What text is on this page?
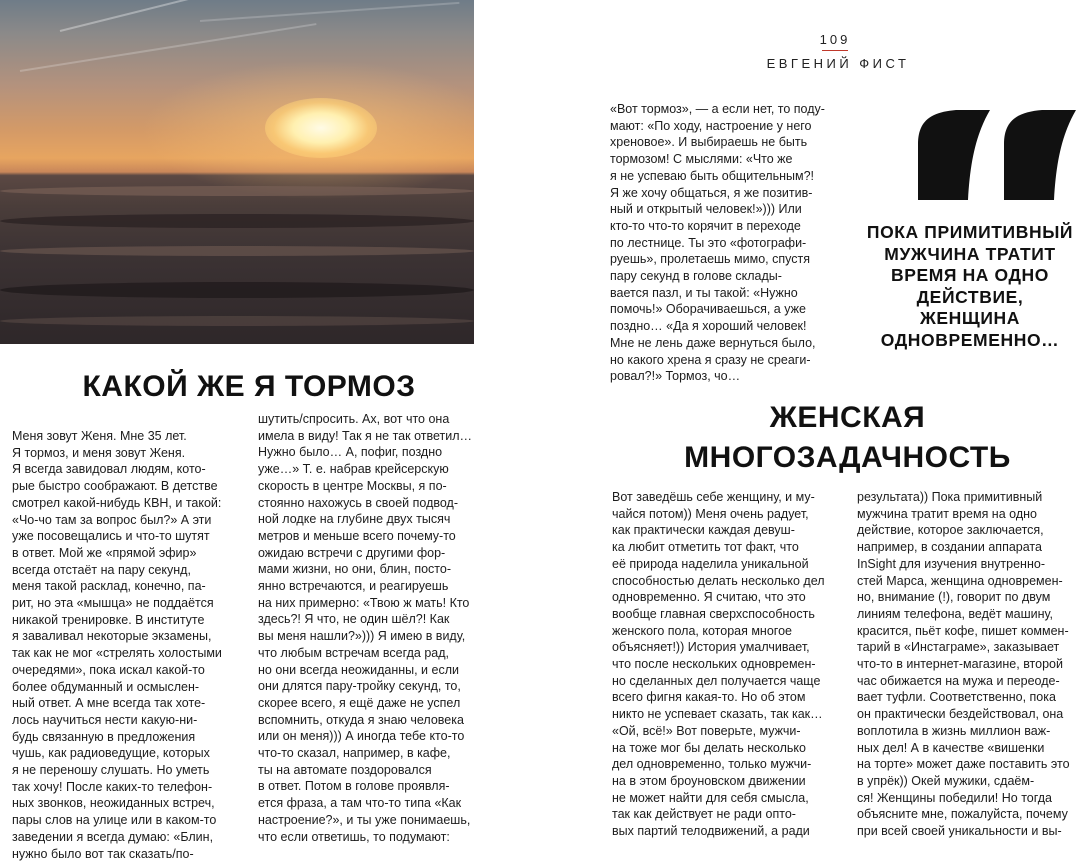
109
ЕВГЕНИЙ ФИСТ

«Вот тормоз», — а если нет, то поду-
мают: «По ходу, настроение у него
хреновое». И выбираешь не быть
тормозом! С мыслями: «Что же
я не успеваю быть общительным?!
Я же хочу общаться, я же позитив-
ный и открытый человек!»))) Или
кто-то что-то корячит в переходе
по лестнице. Ты это «фотографи-
руешь», пролетаешь мимо, спустя
пару секунд в голове склады-
вается пазл, и ты такой: «Нужно
помочь!» Оборачиваешься, а уже
поздно… «Да я хороший человек!
Мне не лень даже вернуться было,
но какого хрена я сразу не среаги-
ровал?!» Тормоз, чо…

ПОКА ПРИМИТИВНЫЙ
МУЖЧИНА ТРАТИТ
ВРЕМЯ НА ОДНО
ДЕЙСТВИЕ,
ЖЕНЩИНА
ОДНОВРЕМЕННО…

КАКОЙ ЖЕ Я ТОРМОЗ

Меня зовут Женя. Мне 35 лет.
Я тормоз, и меня зовут Женя.
Я всегда завидовал людям, кото-
рые быстро соображают. В детстве
смотрел какой-нибудь КВН, и такой:
«Чо-чо там за вопрос был?» А эти
уже посовещались и что-то шутят
в ответ. Мой же «прямой эфир»
всегда отстаёт на пару секунд,
меня такой расклад, конечно, па-
рит, но эта «мышца» не поддаётся
никакой тренировке. В институте
я заваливал некоторые экзамены,
так как не мог «стрелять холостыми
очередями», пока искал какой-то
более обдуманный и осмыслен-
ный ответ. А мне всегда так хоте-
лось научиться нести какую-ни-
будь связанную в предложения
чушь, как радиоведущие, которых
я не переношу слушать. Но уметь
так хочу! После каких-то телефон-
ных звонков, неожиданных встреч,
пары слов на улице или в каком-то
заведении я всегда думаю: «Блин,
нужно было вот так сказать/по-

шутить/спросить. Ах, вот что она
имела в виду! Так я не так ответил…
Нужно было… А, пофиг, поздно
уже…» Т. е. набрав крейсерскую
скорость в центре Москвы, я по-
стоянно нахожусь в своей подвод-
ной лодке на глубине двух тысяч
метров и меньше всего почему-то
ожидаю встречи с другими фор-
мами жизни, но они, блин, посто-
янно встречаются, и реагируешь
на них примерно: «Твою ж мать! Кто
здесь?! Я что, не один шёл?! Как
вы меня нашли?»))) Я имею в виду,
что любым встречам всегда рад,
но они всегда неожиданны, и если
они длятся пару-тройку секунд, то,
скорее всего, я ещё даже не успел
вспомнить, откуда я знаю человека
или он меня))) А иногда тебе кто-то
что-то сказал, например, в кафе,
ты на автомате поздоровался
в ответ. Потом в голове проявля-
ется фраза, а там что-то типа «Как
настроение?», и ты уже понимаешь,
что если ответишь, то подумают:

ЖЕНСКАЯ
МНОГОЗАДАЧНОСТЬ

Вот заведёшь себе женщину, и му-
чайся потом)) Меня очень радует,
как практически каждая девуш-
ка любит отметить тот факт, что
её природа наделила уникальной
способностью делать несколько дел
одновременно. Я считаю, что это
вообще главная сверхспособность
женского пола, которая многое
объясняет!)) История умалчивает,
что после нескольких одновремен-
но сделанных дел получается чаще
всего фигня какая-то. Но об этом
никто не успевает сказать, так как…
«Ой, всё!» Вот поверьте, мужчи-
на тоже мог бы делать несколько
дел одновременно, только мужчи-
на в этом броуновском движении
не может найти для себя смысла,
так как действует не ради опто-
вых партий телодвижений, а ради

результата)) Пока примитивный
мужчина тратит время на одно
действие, которое заключается,
например, в создании аппарата
InSight для изучения внутренно-
стей Марса, женщина одновремен-
но, внимание (!), говорит по двум
линиям телефона, ведёт машину,
красится, пьёт кофе, пишет коммен-
тарий в «Инстаграме», заказывает
что-то в интернет-магазине, второй
час обижается на мужа и переоде-
вает туфли. Соответственно, пока
он практически бездействовал, она
воплотила в жизнь миллион важ-
ных дел! А в качестве «вишенки
на торте» может даже поставить это
в упрёк)) Окей мужики, сдаём-
ся! Женщины победили! Но тогда
объясните мне, пожалуйста, почему
при всей своей уникальности и вы-
